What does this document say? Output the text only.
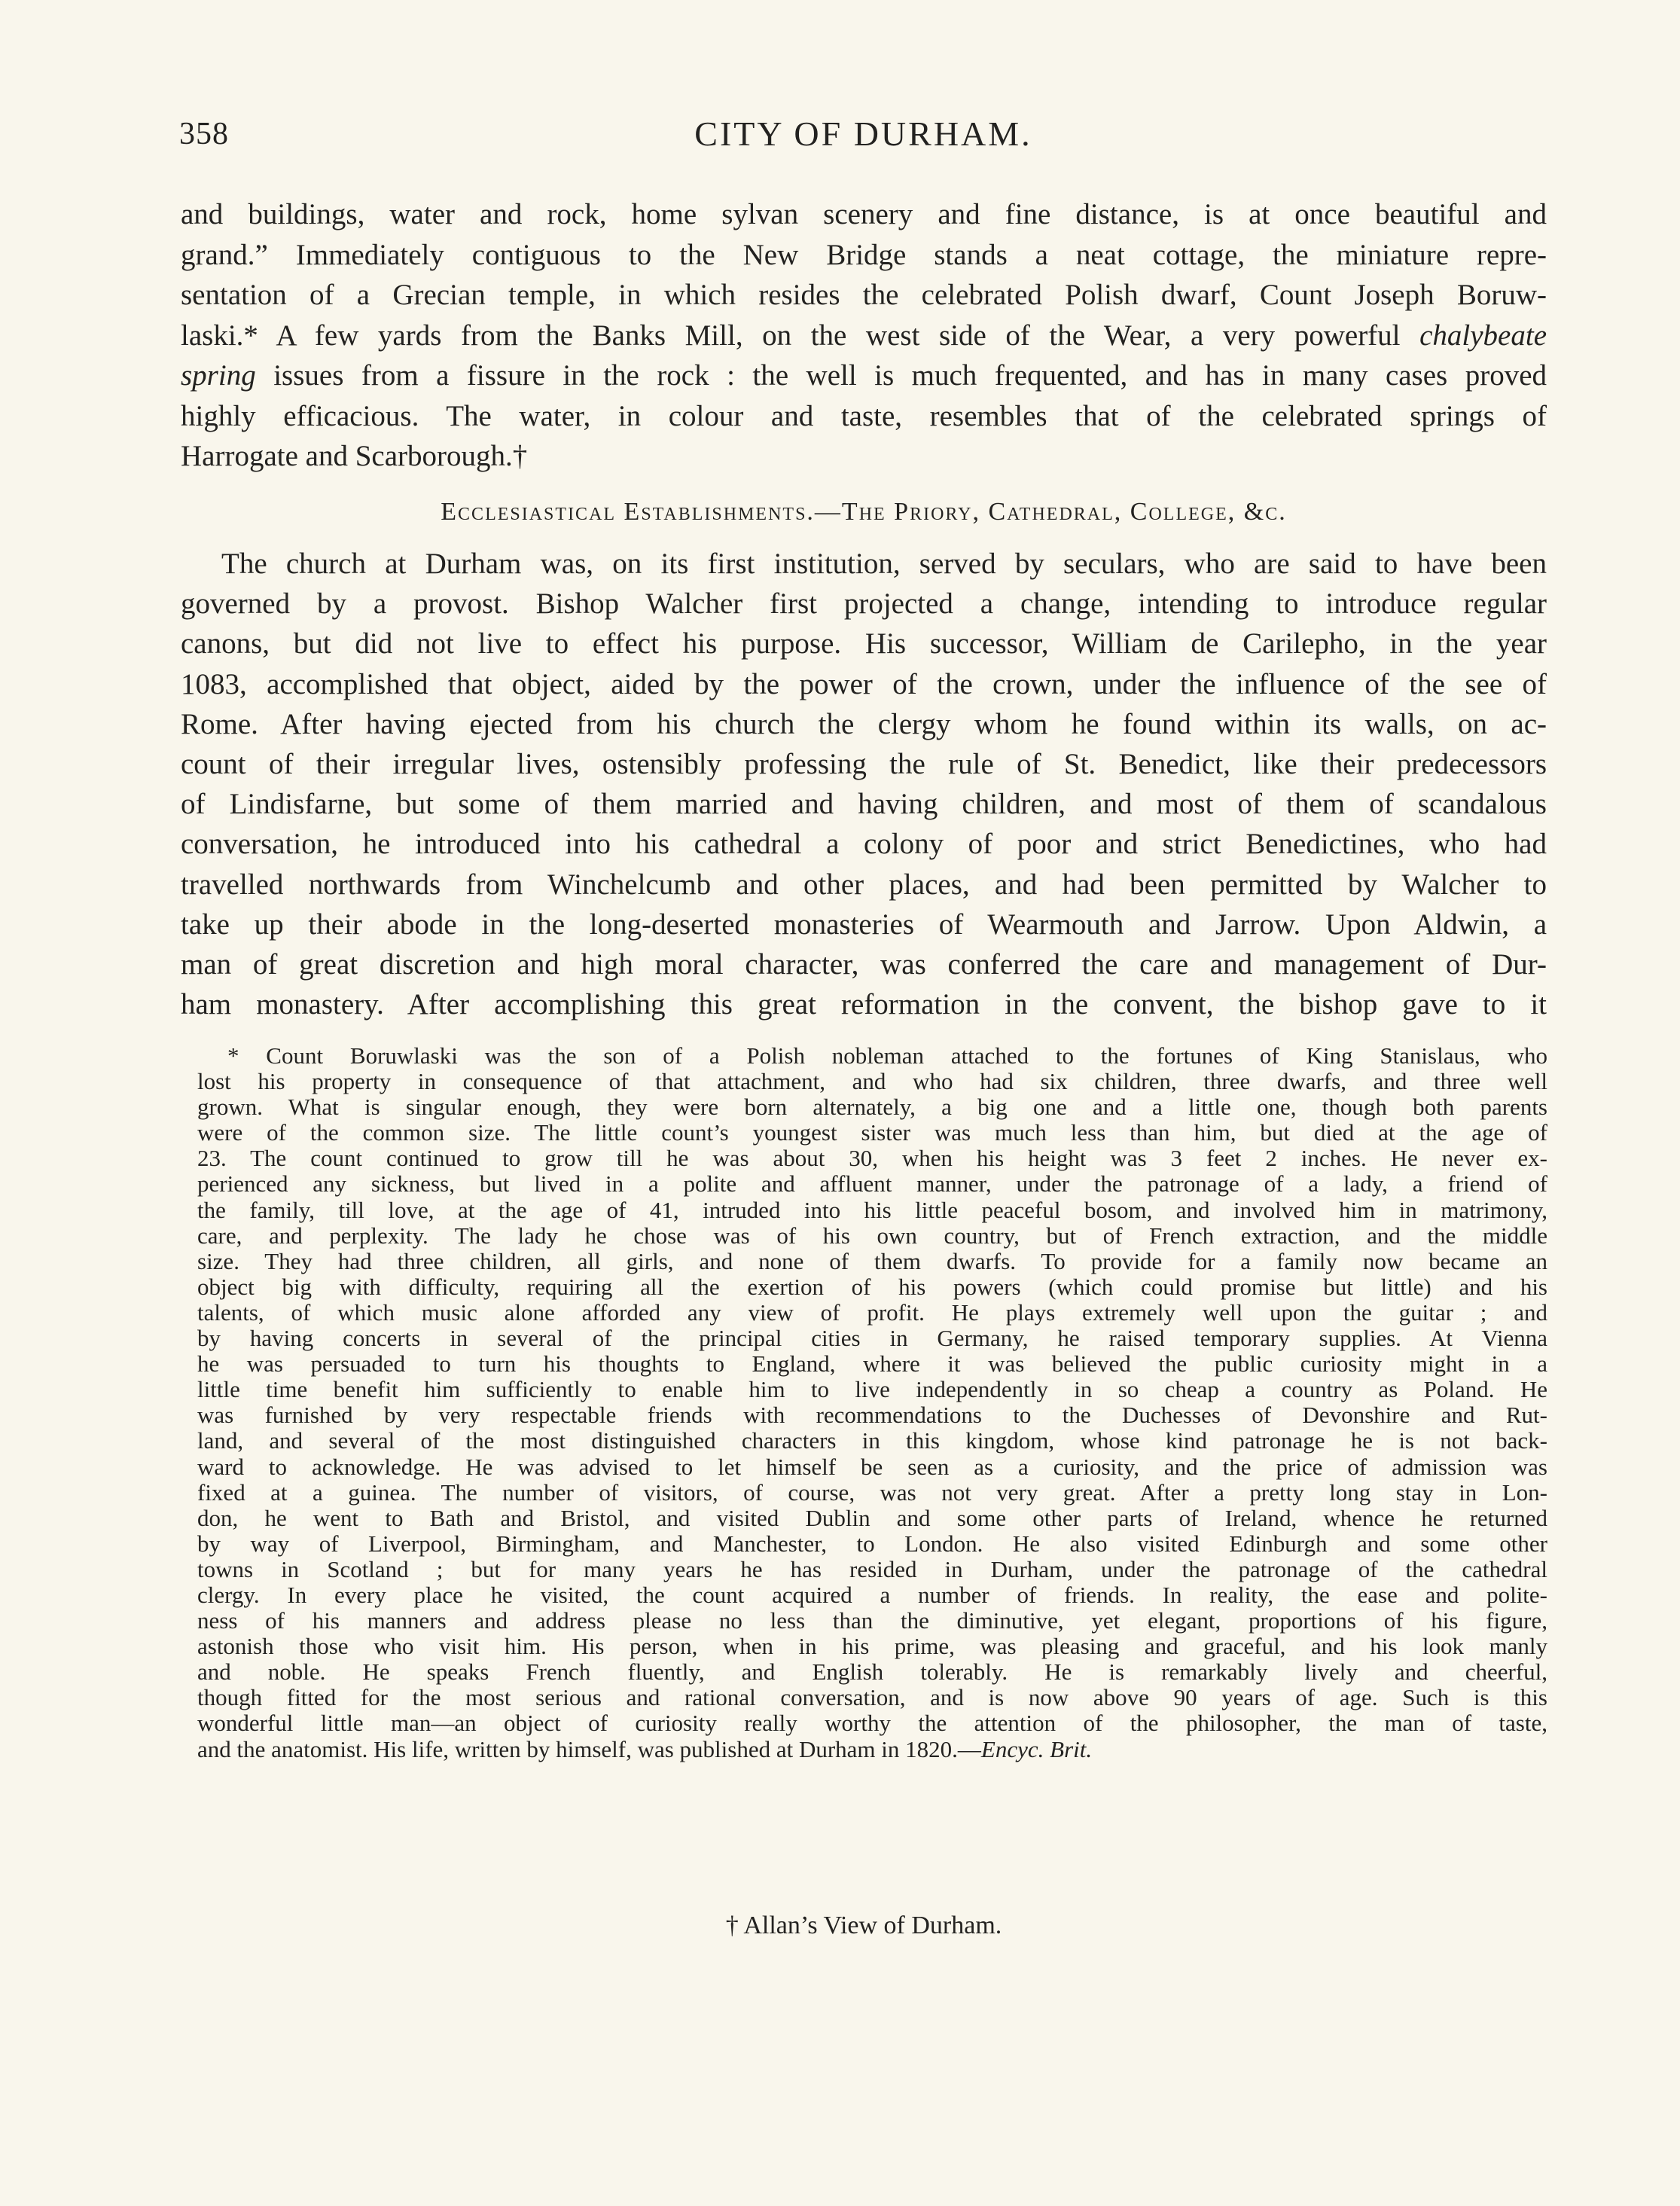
358	CITY OF DURHAM.
and buildings, water and rock, home sylvan scenery and fine distance, is at once beautiful and
grand.” Immediately contiguous to the New Bridge stands a neat cottage, the miniature repre-
sentation of a Grecian temple, in which resides the celebrated Polish dwarf, Count Joseph Boruw-
laski.* A few yards from the Banks Mill, on the west side of the Wear, a very powerful chalybeate
spring issues from a fissure in the rock : the well is much frequented, and has in many cases proved
highly efficacious. The water, in colour and taste, resembles that of the celebrated springs of
Harrogate and Scarborough.†
Ecclesiastical Establishments.—The Priory, Cathedral, College, &c.
The church at Durham was, on its first institution, served by seculars, who are said to have been
governed by a provost. Bishop Walcher first projected a change, intending to introduce regular
canons, but did not live to effect his purpose. His successor, William de Carilepho, in the year
1083, accomplished that object, aided by the power of the crown, under the influence of the see of
Rome. After having ejected from his church the clergy whom he found within its walls, on ac-
count of their irregular lives, ostensibly professing the rule of St. Benedict, like their predecessors
of Lindisfarne, but some of them married and having children, and most of them of scandalous
conversation, he introduced into his cathedral a colony of poor and strict Benedictines, who had
travelled northwards from Winchelcumb and other places, and had been permitted by Walcher to
take up their abode in the long-deserted monasteries of Wearmouth and Jarrow. Upon Aldwin, a
man of great discretion and high moral character, was conferred the care and management of Dur-
ham monastery. After accomplishing this great reformation in the convent, the bishop gave to it
* Count Boruwlaski was the son of a Polish nobleman attached to the fortunes of King Stanislaus, who
lost his property in consequence of that attachment, and who had six children, three dwarfs, and three well
grown. What is singular enough, they were born alternately, a big one and a little one, though both parents
were of the common size. The little count’s youngest sister was much less than him, but died at the age of
23. The count continued to grow till he was about 30, when his height was 3 feet 2 inches. He never ex-
perienced any sickness, but lived in a polite and affluent manner, under the patronage of a lady, a friend of
the family, till love, at the age of 41, intruded into his little peaceful bosom, and involved him in matrimony,
care, and perplexity. The lady he chose was of his own country, but of French extraction, and the middle
size. They had three children, all girls, and none of them dwarfs. To provide for a family now became an
object big with difficulty, requiring all the exertion of his powers (which could promise but little) and his
talents, of which music alone afforded any view of profit. He plays extremely well upon the guitar ; and
by having concerts in several of the principal cities in Germany, he raised temporary supplies. At Vienna
he was persuaded to turn his thoughts to England, where it was believed the public curiosity might in a
little time benefit him sufficiently to enable him to live independently in so cheap a country as Poland. He
was furnished by very respectable friends with recommendations to the Duchesses of Devonshire and Rut-
land, and several of the most distinguished characters in this kingdom, whose kind patronage he is not back-
ward to acknowledge. He was advised to let himself be seen as a curiosity, and the price of admission was
fixed at a guinea. The number of visitors, of course, was not very great. After a pretty long stay in Lon-
don, he went to Bath and Bristol, and visited Dublin and some other parts of Ireland, whence he returned
by way of Liverpool, Birmingham, and Manchester, to London. He also visited Edinburgh and some other
towns in Scotland ; but for many years he has resided in Durham, under the patronage of the cathedral
clergy. In every place he visited, the count acquired a number of friends. In reality, the ease and polite-
ness of his manners and address please no less than the diminutive, yet elegant, proportions of his figure,
astonish those who visit him. His person, when in his prime, was pleasing and graceful, and his look manly
and noble. He speaks French fluently, and English tolerably. He is remarkably lively and cheerful,
though fitted for the most serious and rational conversation, and is now above 90 years of age. Such is this
wonderful little man—an object of curiosity really worthy the attention of the philosopher, the man of taste,
and the anatomist. His life, written by himself, was published at Durham in 1820.—Encyc. Brit.
† Allan’s View of Durham.
